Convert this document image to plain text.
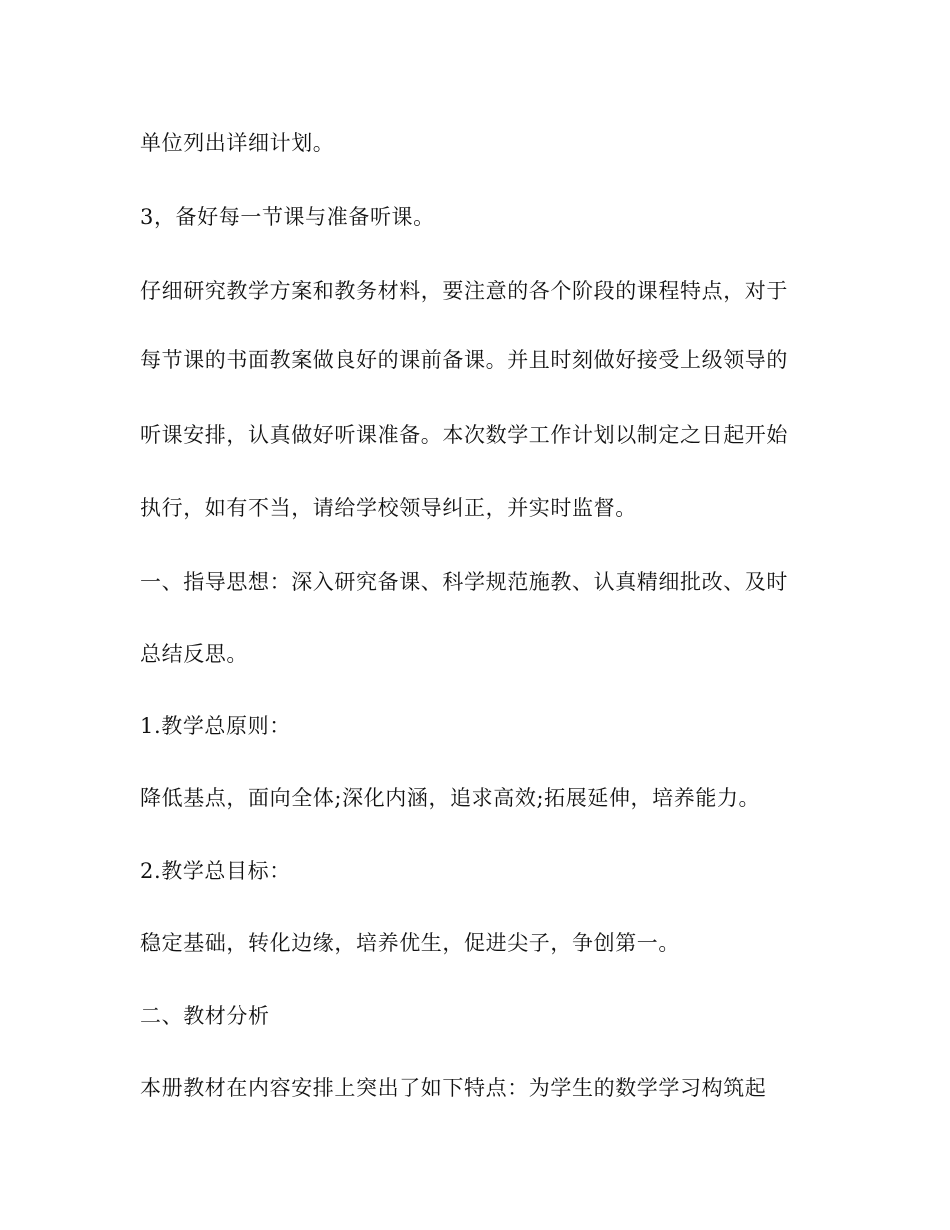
单位列出详细计划。
3，备好每一节课与准备听课。
仔细研究教学方案和教务材料，要注意的各个阶段的课程特点，对于
每节课的书面教案做良好的课前备课。并且时刻做好接受上级领导的
听课安排，认真做好听课准备。本次数学工作计划以制定之日起开始
执行，如有不当，请给学校领导纠正，并实时监督。
一、指导思想：深入研究备课、科学规范施教、认真精细批改、及时
总结反思。
1.教学总原则：
降低基点，面向全体;深化内涵，追求高效;拓展延伸，培养能力。
2.教学总目标：
稳定基础，转化边缘，培养优生，促进尖子，争创第一。
二、教材分析
本册教材在内容安排上突出了如下特点：为学生的数学学习构筑起
